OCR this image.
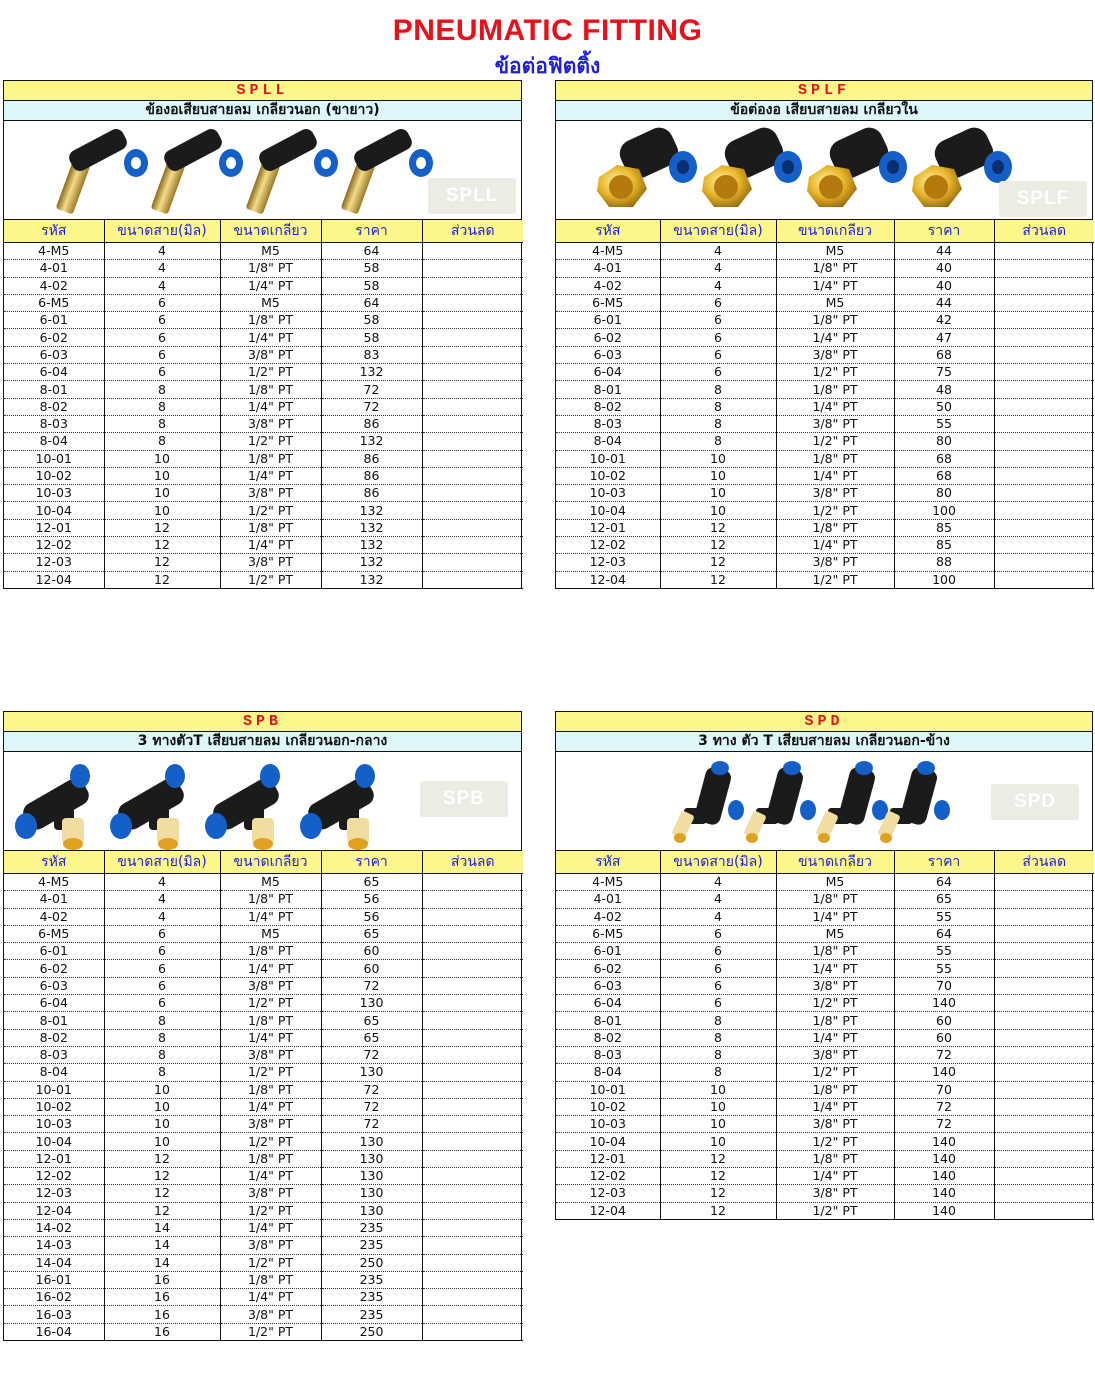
PNEUMATIC FITTING
ข้อต่อฟิตติ้ง
SPLL
ข้องอเสียบสายลม เกลียวนอก (ขายาว)
SPLL
รหัส	ขนาดสาย(มิล)	ขนาดเกลียว	ราคา	ส่วนลด
4-M5	4	M5	64	
4-01	4	1/8" PT	58	
4-02	4	1/4" PT	58	
6-M5	6	M5	64	
6-01	6	1/8" PT	58	
6-02	6	1/4" PT	58	
6-03	6	3/8" PT	83	
6-04	6	1/2" PT	132	
8-01	8	1/8" PT	72	
8-02	8	1/4" PT	72	
8-03	8	3/8" PT	86	
8-04	8	1/2" PT	132	
10-01	10	1/8" PT	86	
10-02	10	1/4" PT	86	
10-03	10	3/8" PT	86	
10-04	10	1/2" PT	132	
12-01	12	1/8" PT	132	
12-02	12	1/4" PT	132	
12-03	12	3/8" PT	132	
12-04	12	1/2" PT	132	
SPLF
ข้อต่องอ เสียบสายลม เกลียวใน
SPLF
รหัส	ขนาดสาย(มิล)	ขนาดเกลียว	ราคา	ส่วนลด
4-M5	4	M5	44	
4-01	4	1/8" PT	40	
4-02	4	1/4" PT	40	
6-M5	6	M5	44	
6-01	6	1/8" PT	42	
6-02	6	1/4" PT	47	
6-03	6	3/8" PT	68	
6-04	6	1/2" PT	75	
8-01	8	1/8" PT	48	
8-02	8	1/4" PT	50	
8-03	8	3/8" PT	55	
8-04	8	1/2" PT	80	
10-01	10	1/8" PT	68	
10-02	10	1/4" PT	68	
10-03	10	3/8" PT	80	
10-04	10	1/2" PT	100	
12-01	12	1/8" PT	85	
12-02	12	1/4" PT	85	
12-03	12	3/8" PT	88	
12-04	12	1/2" PT	100	
SPB
3 ทางตัวT เสียบสายลม เกลียวนอก-กลาง
SPB
รหัส	ขนาดสาย(มิล)	ขนาดเกลียว	ราคา	ส่วนลด
4-M5	4	M5	65	
4-01	4	1/8" PT	56	
4-02	4	1/4" PT	56	
6-M5	6	M5	65	
6-01	6	1/8" PT	60	
6-02	6	1/4" PT	60	
6-03	6	3/8" PT	72	
6-04	6	1/2" PT	130	
8-01	8	1/8" PT	65	
8-02	8	1/4" PT	65	
8-03	8	3/8" PT	72	
8-04	8	1/2" PT	130	
10-01	10	1/8" PT	72	
10-02	10	1/4" PT	72	
10-03	10	3/8" PT	72	
10-04	10	1/2" PT	130	
12-01	12	1/8" PT	130	
12-02	12	1/4" PT	130	
12-03	12	3/8" PT	130	
12-04	12	1/2" PT	130	
14-02	14	1/4" PT	235	
14-03	14	3/8" PT	235	
14-04	14	1/2" PT	250	
16-01	16	1/8" PT	235	
16-02	16	1/4" PT	235	
16-03	16	3/8" PT	235	
16-04	16	1/2" PT	250	
SPD
3 ทาง ตัว T เสียบสายลม เกลียวนอก-ข้าง
SPD
รหัส	ขนาดสาย(มิล)	ขนาดเกลียว	ราคา	ส่วนลด
4-M5	4	M5	64	
4-01	4	1/8" PT	65	
4-02	4	1/4" PT	55	
6-M5	6	M5	64	
6-01	6	1/8" PT	55	
6-02	6	1/4" PT	55	
6-03	6	3/8" PT	70	
6-04	6	1/2" PT	140	
8-01	8	1/8" PT	60	
8-02	8	1/4" PT	60	
8-03	8	3/8" PT	72	
8-04	8	1/2" PT	140	
10-01	10	1/8" PT	70	
10-02	10	1/4" PT	72	
10-03	10	3/8" PT	72	
10-04	10	1/2" PT	140	
12-01	12	1/8" PT	140	
12-02	12	1/4" PT	140	
12-03	12	3/8" PT	140	
12-04	12	1/2" PT	140	
